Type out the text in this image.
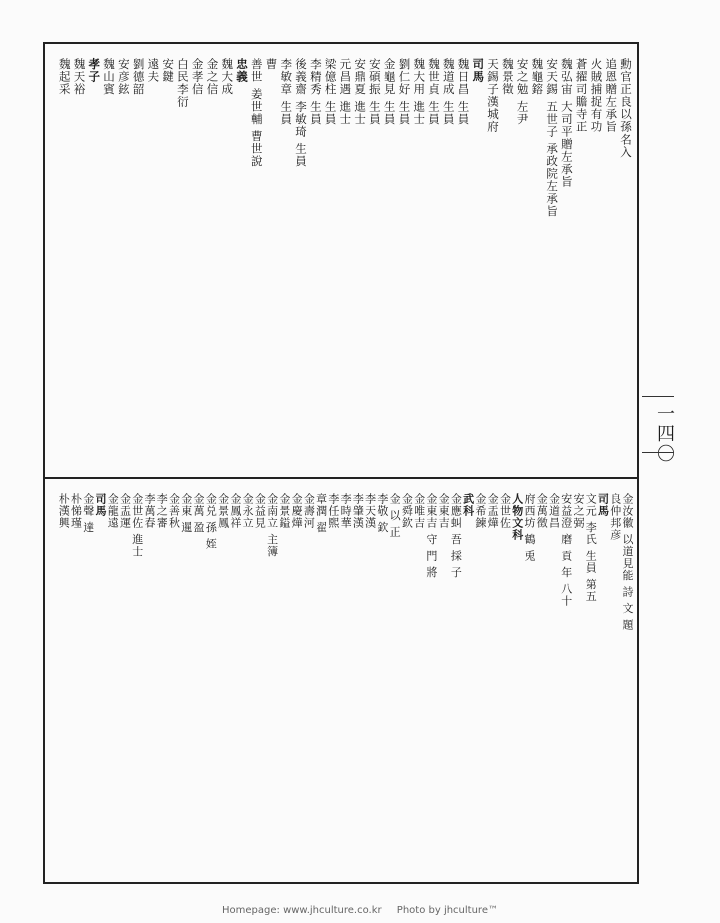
勳官正良以孫名入
追恩贈左承旨
火賊捕捉有功
蒼擢司贍寺正
魏弘宙 大司平贈左承旨
安天錫 五世子 承政院左承旨
魏龜鎔
安之勉 左尹
魏景徵
天錫子漢城府
司馬
魏日昌 生員
魏道成 生員
魏世貞 生員
魏大用 進士
劉仁好 生員
金龜見 生員
安碩振 生員
安鼎夏 進士
元昌遇 進士
梁億柱 生員
李精秀 生員
後義齋 李敏琦 生員
李敏章 生員
曹
善世 姜世輔 曹世說
忠義
魏大成
金之信
金孝信
白民李衍
安鍵
遠夫
劉德韶
安彦鉉
魏山賓
孝子
魏天裕
魏起采
金汝徽 以道見能 詩 文 題
良仲邦彦
司馬
文元 李氏 生員 第五
安之弼
安益澄 磨 貢 年 八十
金道昌
金萬徵
府西坊 鶴 兎
人物文科
金世佐
金盂燁
金希鍊
武科
金應虯 吾 採 子
金東吉
金東吉 守 門 將
金唯吉
金舜欽
金 以 正
李敬 欽
李天漢
李肇漢
李時華
李任熙
章潤 翟
金壽河
金慶燁
金景鎰
金南立 主簿
金益見
金永立
金鳳祥
金景鳳
金兑 孫 姪
金萬 盈
金東 暹
金善秋
李之審
李萬春
金世佐 進士
金盂運
金龍遠
司馬
金聲 達
朴悌瑾
朴漢興
一四〇
Homepage: www.jhculture.co.kr Photo by jhculture™
